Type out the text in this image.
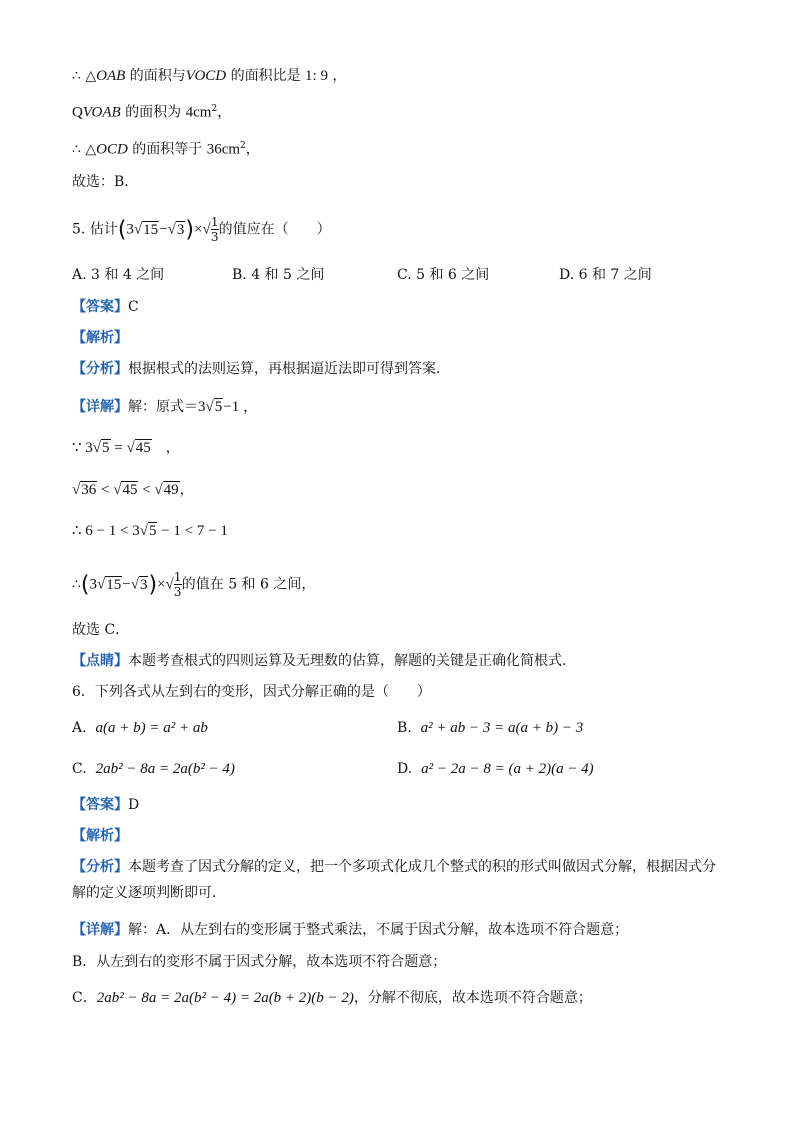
∴ △OAB 的面积与VOCD 的面积比是 1: 9 ，
QVOAB 的面积为 $4cm^2$，
∴ △OCD 的面积等于 $36cm^2$，
故选：B．
5. 估计$(3√15-√3)\times√ \frac{1}{3}$ 的值应在（　　）
A. 3 和 4 之间	B. 4 和 5 之间	C. 5 和 6 之间	D. 6 和 7 之间
【答案】C
【解析】
【分析】根据根式的法则运算，再根据逼近法即可得到答案．
【详解】解：原式＝3√5−1 ，
∵ 3√5 = √45　，
√36 < √45 < √49，
∴ 6 − 1 < 3√5 − 1 < 7 − 1
∴(3√15−√3)×√ $\frac{1}{3}$ 的值在 5 和 6 之间，
故选 C．
【点睛】本题考查根式的四则运算及无理数的估算，解题的关键是正确化简根式．
6．下列各式从左到右的变形，因式分解正确的是（　　）
A. a(a + b) = a² + ab	B. a² + ab − 3 = a(a + b) − 3
C. 2ab² − 8a = 2a(b² − 4)	D. a² − 2a − 8 = (a + 2)(a − 4)
【答案】D
【解析】
【分析】本题考查了因式分解的定义，把一个多项式化成几个整式的积的形式叫做因式分解，根据因式分解的定义逐项判断即可．
【详解】解：A．从左到右的变形属于整式乘法，不属于因式分解，故本选项不符合题意；
B．从左到右的变形不属于因式分解，故本选项不符合题意；
C．2ab² − 8a = 2a(b² − 4) = 2a(b + 2)(b − 2)，分解不彻底，故本选项不符合题意；
